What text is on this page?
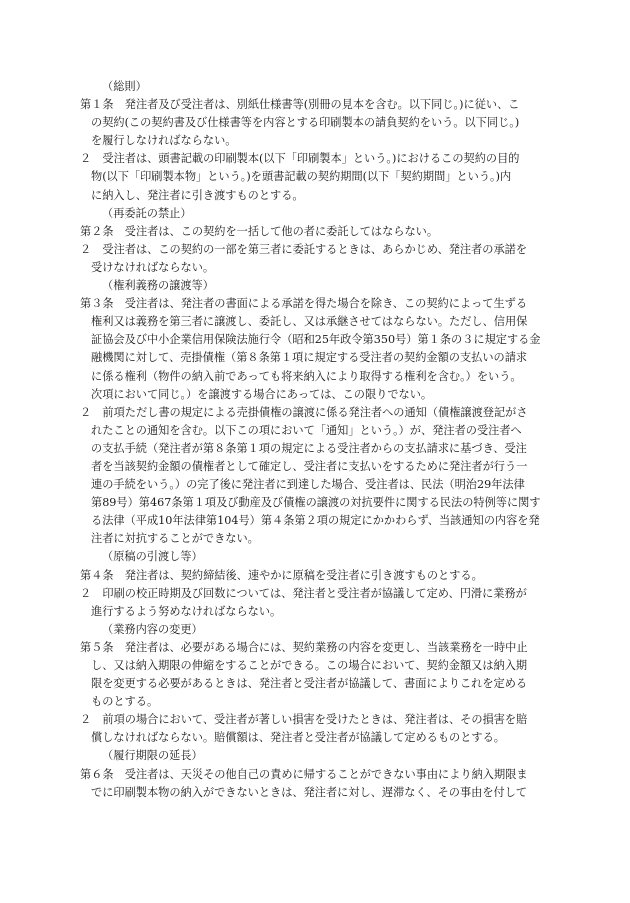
（総則）
第１条　発注者及び受注者は、別紙仕様書等(別冊の見本を含む。以下同じ。)に従い、こ
の契約(この契約書及び仕様書等を内容とする印刷製本の請負契約をいう。以下同じ。)
を履行しなければならない。
２　受注者は、頭書記載の印刷製本(以下「印刷製本」という。)におけるこの契約の目的
物(以下「印刷製本物」という。)を頭書記載の契約期間(以下「契約期間」という。)内
に納入し、発注者に引き渡すものとする。
（再委託の禁止）
第２条　受注者は、この契約を一括して他の者に委託してはならない。
２　受注者は、この契約の一部を第三者に委託するときは、あらかじめ、発注者の承諾を
受けなければならない。
（権利義務の譲渡等）
第３条　受注者は、発注者の書面による承諾を得た場合を除き、この契約によって生ずる
権利又は義務を第三者に譲渡し、委託し、又は承継させてはならない。ただし、信用保
証協会及び中小企業信用保険法施行令（昭和25年政令第350号）第１条の３に規定する金
融機関に対して、売掛債権（第８条第１項に規定する受注者の契約金額の支払いの請求
に係る権利（物件の納入前であっても将来納入により取得する権利を含む。）をいう。
次項において同じ。）を譲渡する場合にあっては、この限りでない。
２　前項ただし書の規定による売掛債権の譲渡に係る発注者への通知（債権譲渡登記がさ
れたことの通知を含む。以下この項において「通知」という。）が、発注者の受注者へ
の支払手続（発注者が第８条第１項の規定による受注者からの支払請求に基づき、受注
者を当該契約金額の債権者として確定し、受注者に支払いをするために発注者が行う一
連の手続をいう。）の完了後に発注者に到達した場合、受注者は、民法（明治29年法律
第89号）第467条第１項及び動産及び債権の譲渡の対抗要件に関する民法の特例等に関す
る法律（平成10年法律第104号）第４条第２項の規定にかかわらず、当該通知の内容を発
注者に対抗することができない。
（原稿の引渡し等）
第４条　発注者は、契約締結後、速やかに原稿を受注者に引き渡すものとする。
２　印刷の校正時期及び回数については、発注者と受注者が協議して定め、円滑に業務が
進行するよう努めなければならない。
（業務内容の変更）
第５条　発注者は、必要がある場合には、契約業務の内容を変更し、当該業務を一時中止
し、又は納入期限の伸縮をすることができる。この場合において、契約金額又は納入期
限を変更する必要があるときは、発注者と受注者が協議して、書面によりこれを定める
ものとする。
２　前項の場合において、受注者が著しい損害を受けたときは、発注者は、その損害を賠
償しなければならない。賠償額は、発注者と受注者が協議して定めるものとする。
（履行期限の延長）
第６条　受注者は、天災その他自己の責めに帰することができない事由により納入期限ま
でに印刷製本物の納入ができないときは、発注者に対し、遅滞なく、その事由を付して
